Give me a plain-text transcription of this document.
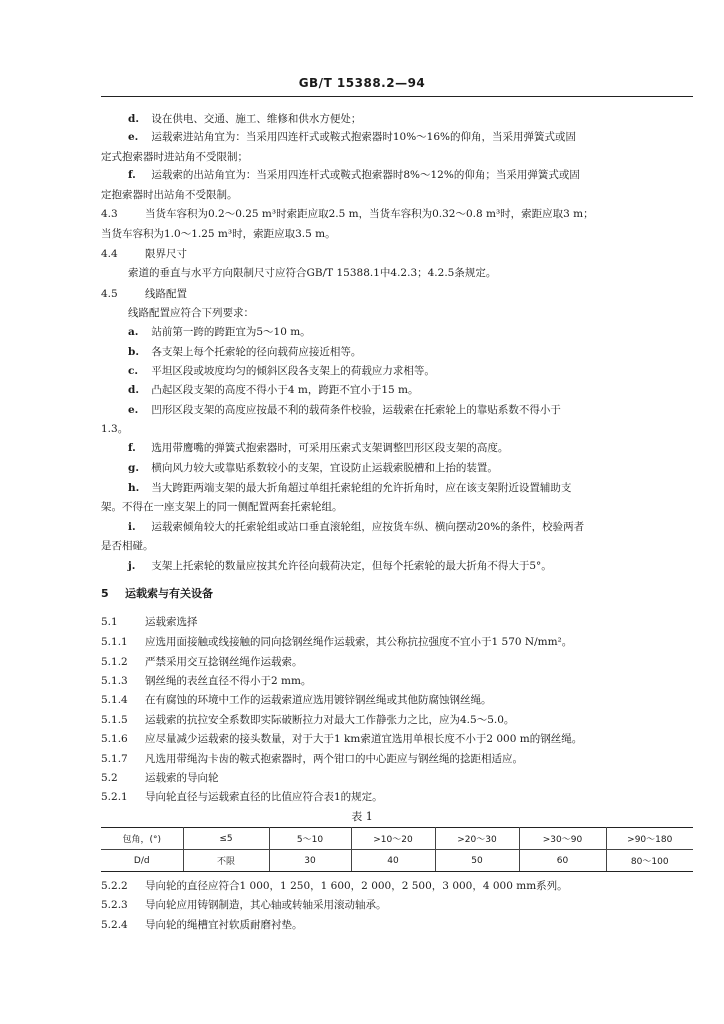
GB/T 15388.2—94
d. 设在供电、交通、施工、维修和供水方便处；
e. 运载索进站角宜为：当采用四连杆式或鞍式抱索器时10%～16%的仰角，当采用弹簧式或固
定式抱索器时进站角不受限制；
f. 运载索的出站角宜为：当采用四连杆式或鞍式抱索器时8%～12%的仰角；当采用弹簧式或固
定抱索器时出站角不受限制。
4.3	当货车容积为0.2～0.25 m³时索距应取2.5 m，当货车容积为0.32～0.8 m³时，索距应取3 m；
当货车容积为1.0～1.25 m³时，索距应取3.5 m。
4.4	限界尺寸
索道的垂直与水平方向限制尺寸应符合GB/T 15388.1中4.2.3；4.2.5条规定。
4.5	线路配置
线路配置应符合下列要求：
a. 站前第一跨的跨距宜为5～10 m。
b. 各支架上每个托索轮的径向载荷应接近相等。
c. 平坦区段或坡度均匀的倾斜区段各支架上的荷载应力求相等。
d. 凸起区段支架的高度不得小于4 m，跨距不宜小于15 m。
e. 凹形区段支架的高度应按最不利的载荷条件校验，运载索在托索轮上的靠贴系数不得小于
1.3。
f. 选用带鹰嘴的弹簧式抱索器时，可采用压索式支架调整凹形区段支架的高度。
g. 横向风力较大或靠贴系数较小的支架，宜设防止运载索脱槽和上抬的装置。
h. 当大跨距两端支架的最大折角超过单组托索轮组的允许折角时，应在该支架附近设置辅助支
架。不得在一座支架上的同一侧配置两套托索轮组。
i. 运载索倾角较大的托索轮组或站口垂直滚轮组，应按货车纵、横向摆动20%的条件，校验两者
是否相碰。
j. 支架上托索轮的数量应按其允许径向载荷决定，但每个托索轮的最大折角不得大于5°。
5 运载索与有关设备
5.1	运载索选择
5.1.1 应选用面接触或线接触的同向捻钢丝绳作运载索，其公称抗拉强度不宜小于1 570 N/mm²。
5.1.2 严禁采用交互捻钢丝绳作运载索。
5.1.3 钢丝绳的表丝直径不得小于2 mm。
5.1.4 在有腐蚀的环境中工作的运载索道应选用镀锌钢丝绳或其他防腐蚀钢丝绳。
5.1.5 运载索的抗拉安全系数即实际破断拉力对最大工作静张力之比，应为4.5～5.0。
5.1.6 应尽量减少运载索的接头数量，对于大于1 km索道宜选用单根长度不小于2 000 m的钢丝绳。
5.1.7 凡选用带绳沟卡齿的鞍式抱索器时，两个钳口的中心距应与钢丝绳的捻距相适应。
5.2	运载索的导向轮
5.2.1 导向轮直径与运载索直径的比值应符合表1的规定。
表 1
包角，(°)	≤5	5～10	>10～20	>20～30	>30～90	>90～180
D/d	不限	30	40	50	60	80～100
5.2.2 导向轮的直径应符合1 000，1 250，1 600，2 000，2 500，3 000，4 000 mm系列。
5.2.3 导向轮应用铸钢制造，其心轴或转轴采用滚动轴承。
5.2.4 导向轮的绳槽宜衬软质耐磨衬垫。
